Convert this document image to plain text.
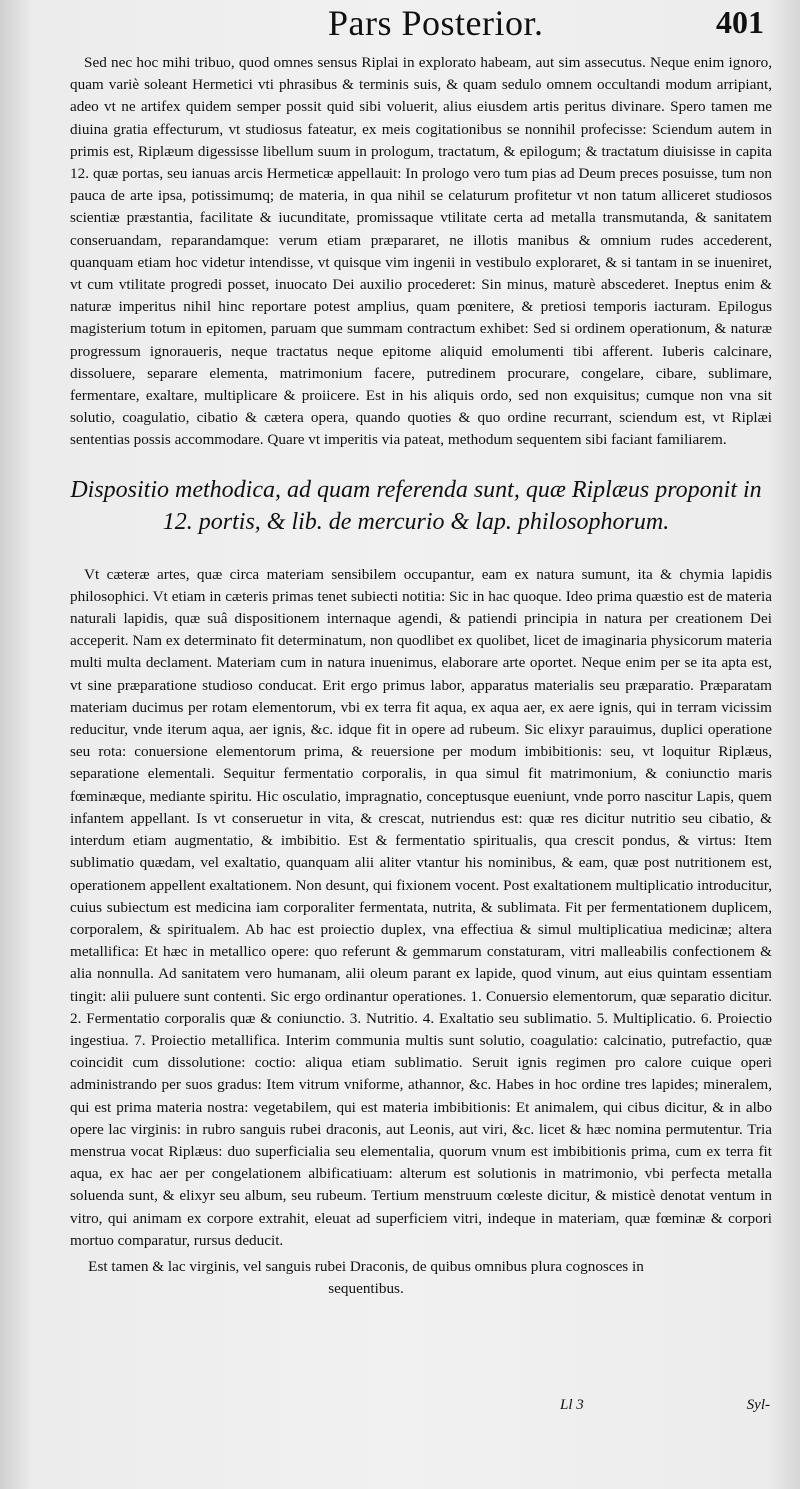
Pars Posterior.	401

Sed nec hoc mihi tribuo, quod omnes sensus Riplai in explorato habeam, aut sim assecutus. Neque enim ignoro, quam variè soleant Hermetici vti phrasibus & terminis suis, & quam sedulo omnem occultandi modum arripiant, adeo vt ne artifex quidem semper possit quid sibi voluerit, alius eiusdem artis peritus divinare. Spero tamen me diuina gratia effecturum, vt studiosus fateatur, ex meis cogitationibus se nonnihil profecisse: Sciendum autem in primis est, Riplæum digessisse libellum suum in prologum, tractatum, & epilogum; & tractatum diuisisse in capita 12. quæ portas, seu ianuas arcis Hermeticæ appellauit: In prologo vero tum pias ad Deum preces posuisse, tum non pauca de arte ipsa, potissimumq; de materia, in qua nihil se celaturum profitetur vt non tatum alliceret studiosos scientiæ præstantia, facilitate & iucunditate, promissaque vtilitate certa ad metalla transmutanda, & sanitatem conseruandam, reparandamque: verum etiam præpararet, ne illotis manibus & omnium rudes accederent, quanquam etiam hoc videtur intendisse, vt quisque vim ingenii in vestibulo exploraret, & si tantam in se inueniret, vt cum vtilitate progredi posset, inuocato Dei auxilio procederet: Sin minus, maturè abscederet. Ineptus enim & naturæ imperitus nihil hinc reportare potest amplius, quam pœnitere, & pretiosi temporis iacturam. Epilogus magisterium totum in epitomen, paruam que summam contractum exhibet: Sed si ordinem operationum, & naturæ progressum ignoraueris, neque tractatus neque epitome aliquid emolumenti tibi afferent. Iuberis calcinare, dissoluere, separare elementa, matrimonium facere, putredinem procurare, congelare, cibare, sublimare, fermentare, exaltare, multiplicare & proiicere. Est in his aliquis ordo, sed non exquisitus; cumque non vna sit solutio, coagulatio, cibatio & cætera opera, quando quoties & quo ordine recurrant, sciendum est, vt Riplæi sententias possis accommodare. Quare vt imperitis via pateat, methodum sequentem sibi faciant familiarem.

Dispositio methodica, ad quam referenda sunt, quæ Riplæus proponit in 12. portis, & lib. de mercurio & lap. philosophorum.

Vt cæteræ artes, quæ circa materiam sensibilem occupantur, eam ex natura sumunt, ita & chymia lapidis philosophici. Vt etiam in cæteris primas tenet subiecti notitia: Sic in hac quoque. Ideo prima quæstio est de materia naturali lapidis, quæ suâ dispositionem internaque agendi, & patiendi principia in natura per creationem Dei acceperit. Nam ex determinato fit determinatum, non quodlibet ex quolibet, licet de imaginaria physicorum materia multi multa declament. Materiam cum in natura inuenimus, elaborare arte oportet. Neque enim per se ita apta est, vt sine præparatione studioso conducat. Erit ergo primus labor, apparatus materialis seu præparatio. Præparatam materiam ducimus per rotam elementorum, vbi ex terra fit aqua, ex aqua aer, ex aere ignis, qui in terram vicissim reducitur, vnde iterum aqua, aer ignis, &c. idque fit in opere ad rubeum. Sic elixyr parauimus, duplici operatione seu rota: conuersione elementorum prima, & reuersione per modum imbibitionis: seu, vt loquitur Riplæus, separatione elementali. Sequitur fermentatio corporalis, in qua simul fit matrimonium, & coniunctio maris fœminæque, mediante spiritu. Hic osculatio, impragnatio, conceptusque eueniunt, vnde porro nascitur Lapis, quem infantem appellant. Is vt conseruetur in vita, & crescat, nutriendus est: quæ res dicitur nutritio seu cibatio, & interdum etiam augmentatio, & imbibitio. Est & fermentatio spiritualis, qua crescit pondus, & virtus: Item sublimatio quædam, vel exaltatio, quanquam alii aliter vtantur his nominibus, & eam, quæ post nutritionem est, operationem appellent exaltationem. Non desunt, qui fixionem vocent. Post exaltationem multiplicatio introducitur, cuius subiectum est medicina iam corporaliter fermentata, nutrita, & sublimata. Fit per fermentationem duplicem, corporalem, & spiritualem. Ab hac est proiectio duplex, vna effectiua & simul multiplicatiua medicinæ; altera metallifica: Et hæc in metallico opere: quo referunt & gemmarum constaturam, vitri malleabilis confectionem & alia nonnulla. Ad sanitatem vero humanam, alii oleum parant ex lapide, quod vinum, aut eius quintam essentiam tingit: alii puluere sunt contenti. Sic ergo ordinantur operationes. 1. Conuersio elementorum, quæ separatio dicitur. 2. Fermentatio corporalis quæ & coniunctio. 3. Nutritio. 4. Exaltatio seu sublimatio. 5. Multiplicatio. 6. Proiectio ingestiua. 7. Proiectio metallifica. Interim communia multis sunt solutio, coagulatio: calcinatio, putrefactio, quæ coincidit cum dissolutione: coctio: aliqua etiam sublimatio. Seruit ignis regimen pro calore cuique operi administrando per suos gradus: Item vitrum vniforme, athannor, &c. Habes in hoc ordine tres lapides; mineralem, qui est prima materia nostra: vegetabilem, qui est materia imbibitionis: Et animalem, qui cibus dicitur, & in albo opere lac virginis: in rubro sanguis rubei draconis, aut Leonis, aut viri, &c. licet & hæc nomina permutentur. Tria menstrua vocat Riplæus: duo superficialia seu elementalia, quorum vnum est imbibitionis prima, cum ex terra fit aqua, ex hac aer per congelationem albificatiuam: alterum est solutionis in matrimonio, vbi perfecta metalla soluenda sunt, & elixyr seu album, seu rubeum. Tertium menstruum cœleste dicitur, & misticè denotat ventum in vitro, qui animam ex corpore extrahit, eleuat ad superficiem vitri, indeque in materiam, quæ fœminæ & corpori mortuo comparatur, rursus deducit.

Est tamen & lac virginis, vel sanguis rubei Draconis, de quibus omnibus plura cognosces in sequentibus.

Ll 3	Syl-
